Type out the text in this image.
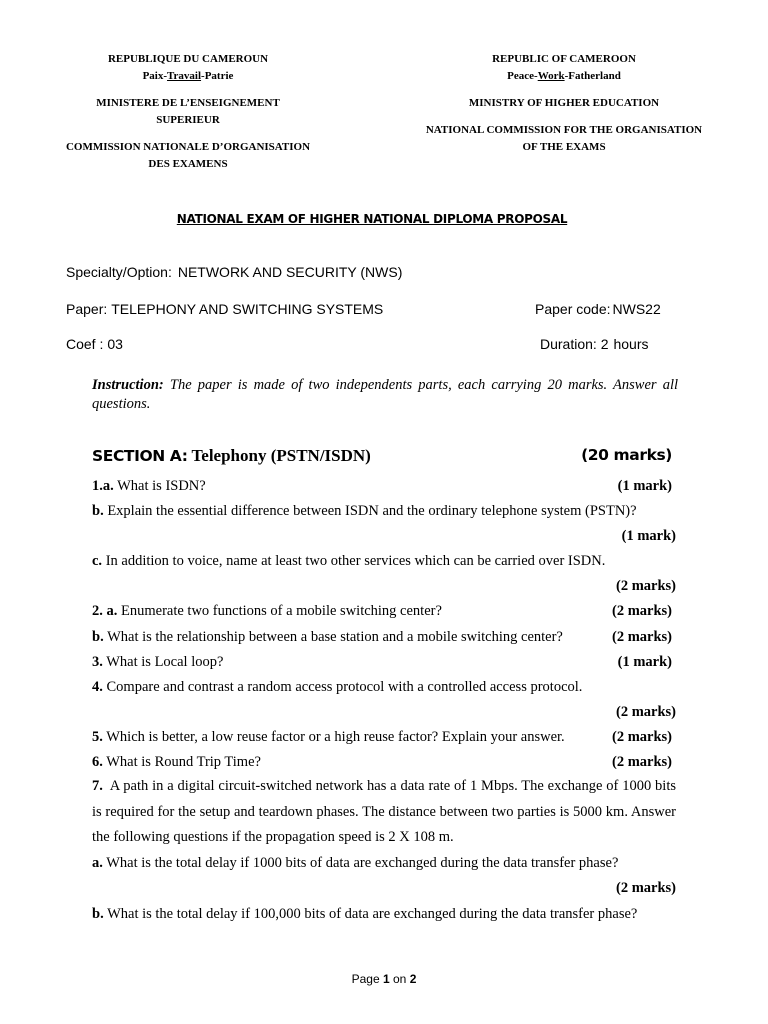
REPUBLIQUE DU CAMEROUN
Paix-Travail-Patrie
MINISTERE DE L’ENSEIGNEMENT
SUPERIEUR
COMMISSION NATIONALE D’ORGANISATION
DES EXAMENS
REPUBLIC OF CAMEROON
Peace-Work-Fatherland
MINISTRY OF HIGHER EDUCATION
NATIONAL COMMISSION FOR THE ORGANISATION
OF THE EXAMS
NATIONAL EXAM OF HIGHER NATIONAL DIPLOMA PROPOSAL
Specialty/Option: NETWORK AND SECURITY (NWS)
Paper: TELEPHONY AND SWITCHING SYSTEMS	Paper code: NWS22
Coef : 03	Duration: 2 hours
Instruction: The paper is made of two independents parts, each carrying 20 marks. Answer all questions.
SECTION A: Telephony (PSTN/ISDN)	(20 marks)
1.a. What is ISDN?	(1 mark)
b. Explain the essential difference between ISDN and the ordinary telephone system (PSTN)?
(1 mark)
c. In addition to voice, name at least two other services which can be carried over ISDN.
(2 marks)
2. a. Enumerate two functions of a mobile switching center?	(2 marks)
b. What is the relationship between a base station and a mobile switching center?	(2 marks)
3. What is Local loop?	(1 mark)
4. Compare and contrast a random access protocol with a controlled access protocol.
(2 marks)
5. Which is better, a low reuse factor or a high reuse factor? Explain your answer.	(2 marks)
6. What is Round Trip Time?	(2 marks)
7. A path in a digital circuit-switched network has a data rate of 1 Mbps. The exchange of 1000 bits is required for the setup and teardown phases. The distance between two parties is 5000 km. Answer the following questions if the propagation speed is 2 X 108 m.
a. What is the total delay if 1000 bits of data are exchanged during the data transfer phase?
(2 marks)
b. What is the total delay if 100,000 bits of data are exchanged during the data transfer phase?
Page 1 on 2
